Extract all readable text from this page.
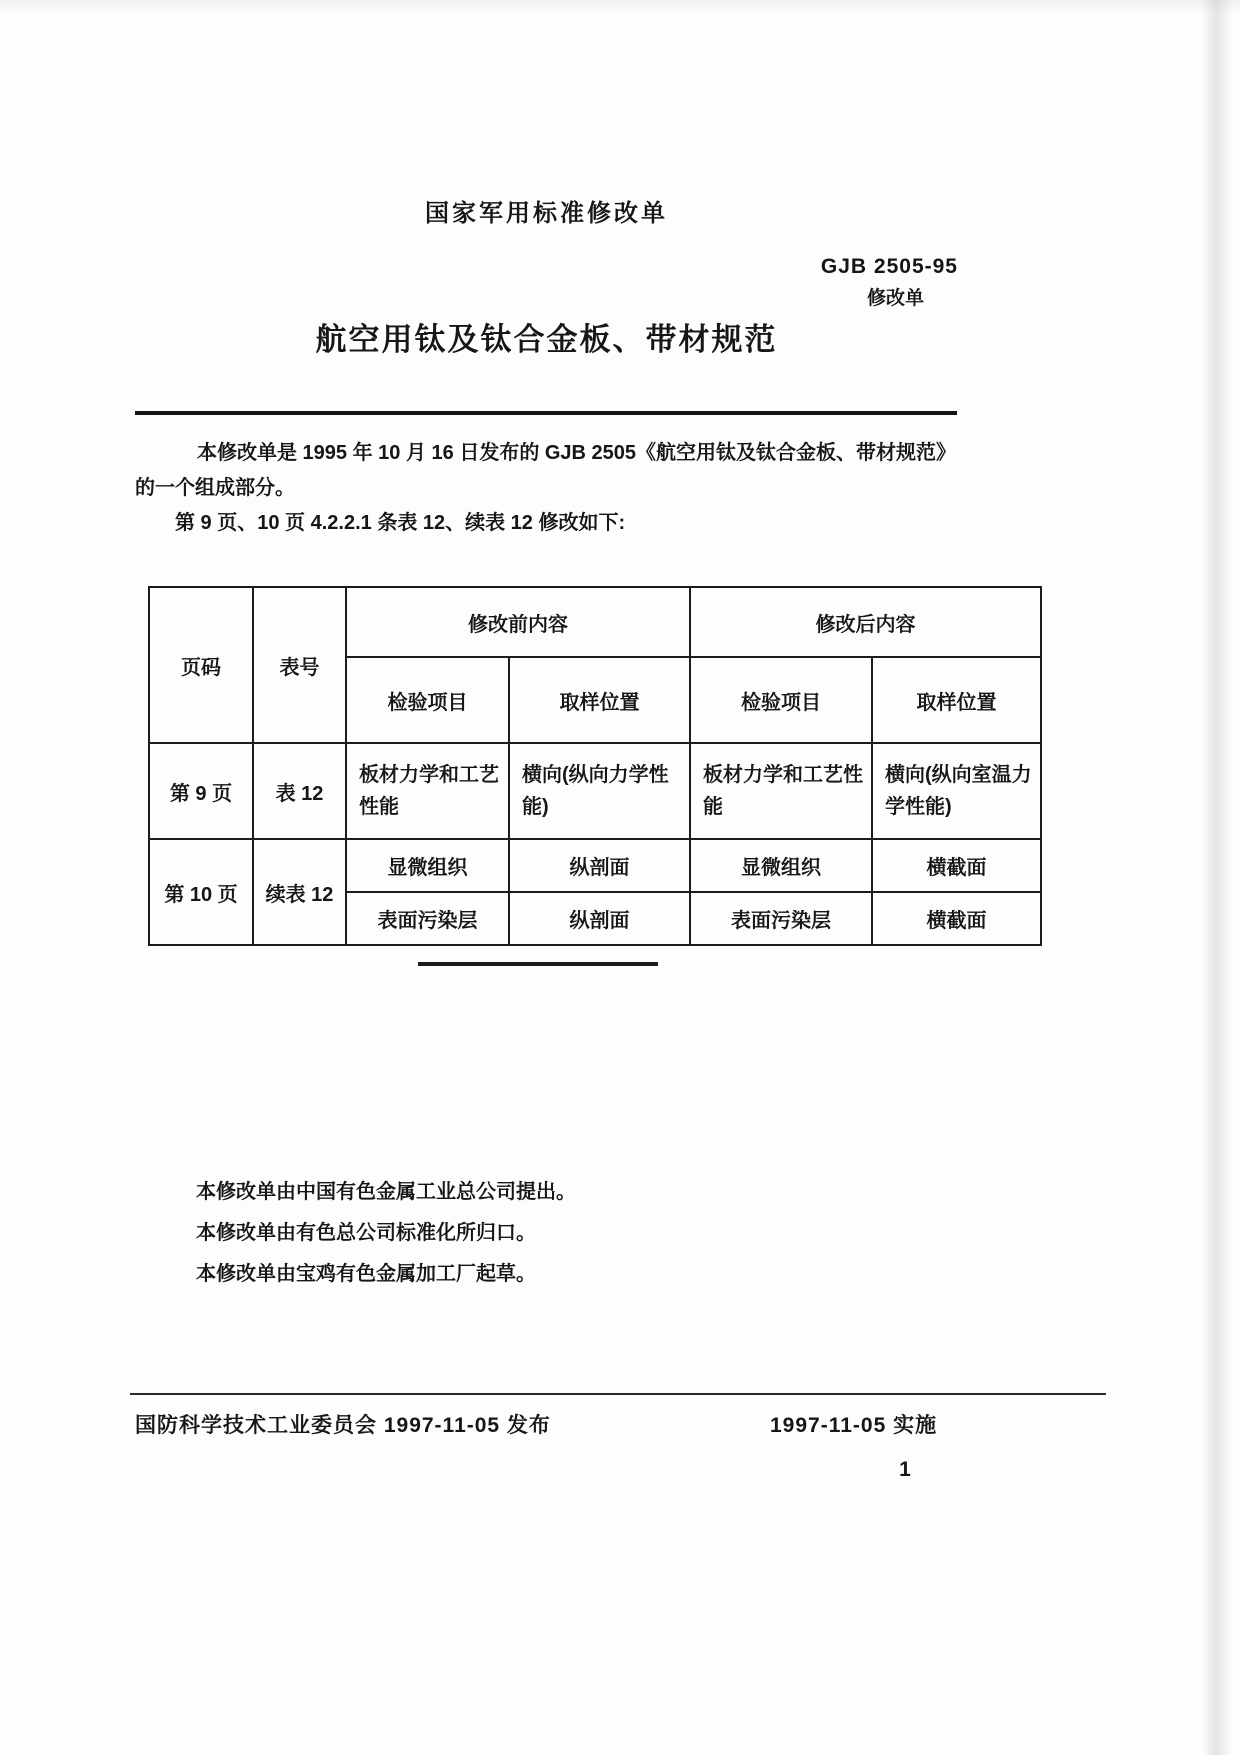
国家军用标准修改单
GJB 2505-95
修改单
航空用钛及钛合金板、带材规范
本修改单是 1995 年 10 月 16 日发布的 GJB 2505《航空用钛及钛合金板、带材规范》
的一个组成部分。
第 9 页、10 页 4.2.2.1 条表 12、续表 12 修改如下:
页码	表号	修改前内容		修改后内容	
		检验项目	取样位置	检验项目	取样位置
第 9 页	表 12	板材力学和工艺性能	横向(纵向力学性能)	板材力学和工艺性能	横向(纵向室温力学性能)
第 10 页	续表 12	显微组织	纵剖面	显微组织	横截面
		表面污染层	纵剖面	表面污染层	横截面
本修改单由中国有色金属工业总公司提出。
本修改单由有色总公司标准化所归口。
本修改单由宝鸡有色金属加工厂起草。
国防科学技术工业委员会 1997-11-05 发布	1997-11-05 实施
1
